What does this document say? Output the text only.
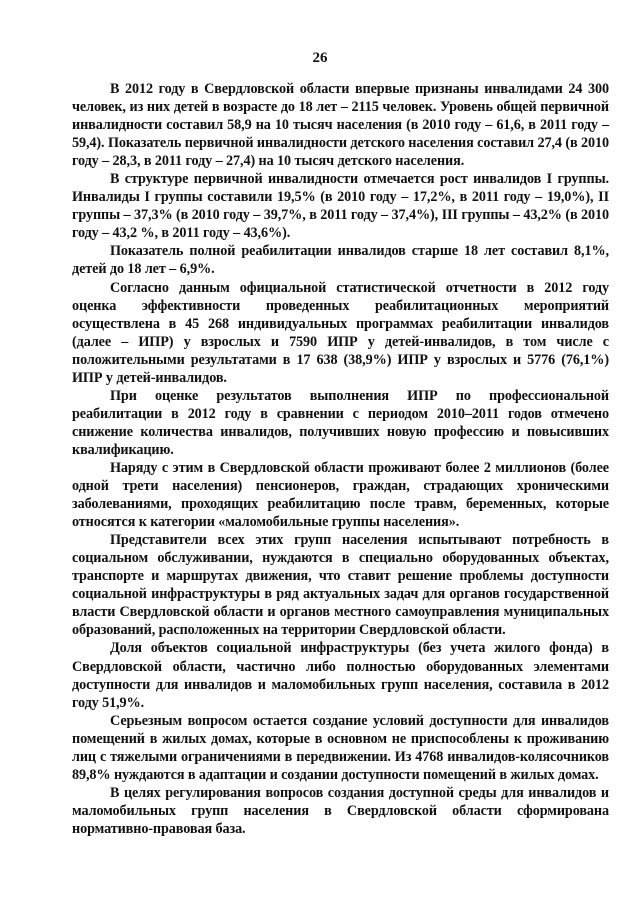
26

В 2012 году в Свердловской области впервые признаны инвалидами 24 300 человек, из них детей в возрасте до 18 лет – 2115 человек. Уровень общей первичной инвалидности составил 58,9 на 10 тысяч населения (в 2010 году – 61,6, в 2011 году – 59,4). Показатель первичной инвалидности детского населения составил 27,4 (в 2010 году – 28,3, в 2011 году – 27,4) на 10 тысяч детского населения.

В структуре первичной инвалидности отмечается рост инвалидов I группы. Инвалиды I группы составили 19,5% (в 2010 году – 17,2%, в 2011 году – 19,0%), II группы – 37,3% (в 2010 году – 39,7%, в 2011 году – 37,4%), III группы – 43,2% (в 2010 году – 43,2 %, в 2011 году – 43,6%).

Показатель полной реабилитации инвалидов старше 18 лет составил 8,1%, детей до 18 лет – 6,9%.

Согласно данным официальной статистической отчетности в 2012 году оценка эффективности проведенных реабилитационных мероприятий осуществлена в 45 268 индивидуальных программах реабилитации инвалидов (далее – ИПР) у взрослых и 7590 ИПР у детей-инвалидов, в том числе с положительными результатами в 17 638 (38,9%) ИПР у взрослых и 5776 (76,1%) ИПР у детей-инвалидов.

При оценке результатов выполнения ИПР по профессиональной реабилитации в 2012 году в сравнении с периодом 2010–2011 годов отмечено снижение количества инвалидов, получивших новую профессию и повысивших квалификацию.

Наряду с этим в Свердловской области проживают более 2 миллионов (более одной трети населения) пенсионеров, граждан, страдающих хроническими заболеваниями, проходящих реабилитацию после травм, беременных, которые относятся к категории «маломобильные группы населения».

Представители всех этих групп населения испытывают потребность в социальном обслуживании, нуждаются в специально оборудованных объектах, транспорте и маршрутах движения, что ставит решение проблемы доступности социальной инфраструктуры в ряд актуальных задач для органов государственной власти Свердловской области и органов местного самоуправления муниципальных образований, расположенных на территории Свердловской области.

Доля объектов социальной инфраструктуры (без учета жилого фонда) в Свердловской области, частично либо полностью оборудованных элементами доступности для инвалидов и маломобильных групп населения, составила в 2012 году 51,9%.

Серьезным вопросом остается создание условий доступности для инвалидов помещений в жилых домах, которые в основном не приспособлены к проживанию лиц с тяжелыми ограничениями в передвижении. Из 4768 инвалидов-колясочников 89,8% нуждаются в адаптации и создании доступности помещений в жилых домах.

В целях регулирования вопросов создания доступной среды для инвалидов и маломобильных групп населения в Свердловской области сформирована нормативно-правовая база.
